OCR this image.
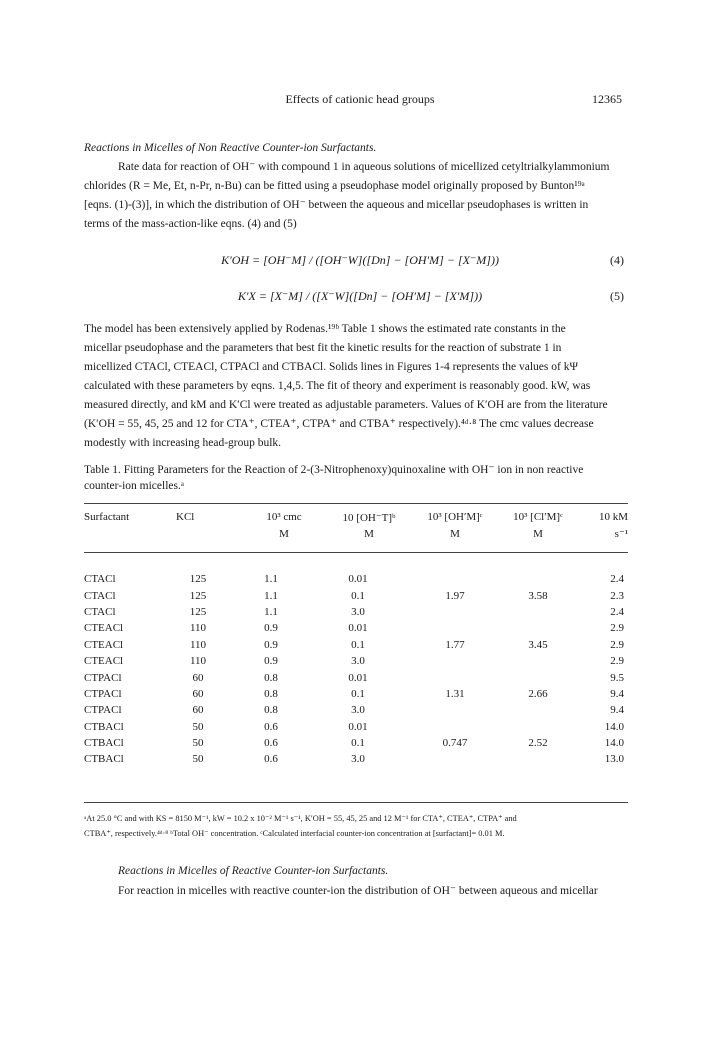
Effects of cationic head groups	12365
Reactions in Micelles of Non Reactive Counter-ion Surfactants.
Rate data for reaction of OH⁻ with compound 1 in aqueous solutions of micellized cetyltrialkylammonium
chlorides (R = Me, Et, n-Pr, n-Bu) can be fitted using a pseudophase model originally proposed by Bunton¹⁹ᵃ
[eqns. (1)-(3)], in which the distribution of OH⁻ between the aqueous and micellar pseudophases is written in
terms of the mass-action-like eqns. (4) and (5)
K′OH = [OH⁻M] / ([OH⁻W]([Dn] − [OH′M] − [X⁻M]))	(4)
K′X = [X⁻M] / ([X⁻W]([Dn] − [OH′M] − [X′M]))	(5)
The model has been extensively applied by Rodenas.¹⁹ᵇ Table 1 shows the estimated rate constants in the
micellar pseudophase and the parameters that best fit the kinetic results for the reaction of substrate 1 in
micellized CTACl, CTEACl, CTPACl and CTBACl. Solids lines in Figures 1-4 represents the values of kΨ
calculated with these parameters by eqns. 1,4,5. The fit of theory and experiment is reasonably good. kW, was
measured directly, and kM and K′Cl were treated as adjustable parameters. Values of K′OH are from the literature
(K′OH = 55, 45, 25 and 12 for CTA⁺, CTEA⁺, CTPA⁺ and CTBA⁺ respectively).⁴ᵈ·⁸ The cmc values decrease
modestly with increasing head-group bulk.
Table 1. Fitting Parameters for the Reaction of 2-(3-Nitrophenoxy)quinoxaline with OH⁻ ion in non reactive
counter-ion micelles.ᵃ
Surfactant	KCl	10³ cmc	10 [OH⁻T]ᵇ	10³ [OH′M]ᶜ	10³ [Cl′M]ᶜ	10 kM
		M	M	M	M	s⁻¹
CTACl	125	1.1	0.01			2.4
CTACl	125	1.1	0.1	1.97	3.58	2.3
CTACl	125	1.1	3.0			2.4
CTEACl	110	0.9	0.01			2.9
CTEACl	110	0.9	0.1	1.77	3.45	2.9
CTEACl	110	0.9	3.0			2.9
CTPACl	60	0.8	0.01			9.5
CTPACl	60	0.8	0.1	1.31	2.66	9.4
CTPACl	60	0.8	3.0			9.4
CTBACl	50	0.6	0.01			14.0
CTBACl	50	0.6	0.1	0.747	2.52	14.0
CTBACl	50	0.6	3.0			13.0
ᵃAt 25.0 °C and with KS = 8150 M⁻¹, kW = 10.2 x 10⁻² M⁻¹ s⁻¹, K′OH = 55, 45, 25 and 12 M⁻¹ for CTA⁺, CTEA⁺, CTPA⁺ and
CTBA⁺, respectively.⁴ᵈ·⁸ ᵇTotal OH⁻ concentration. ᶜCalculated interfacial counter-ion concentration at [surfactant]= 0.01 M.
Reactions in Micelles of Reactive Counter-ion Surfactants.
For reaction in micelles with reactive counter-ion the distribution of OH⁻ between aqueous and micellar
